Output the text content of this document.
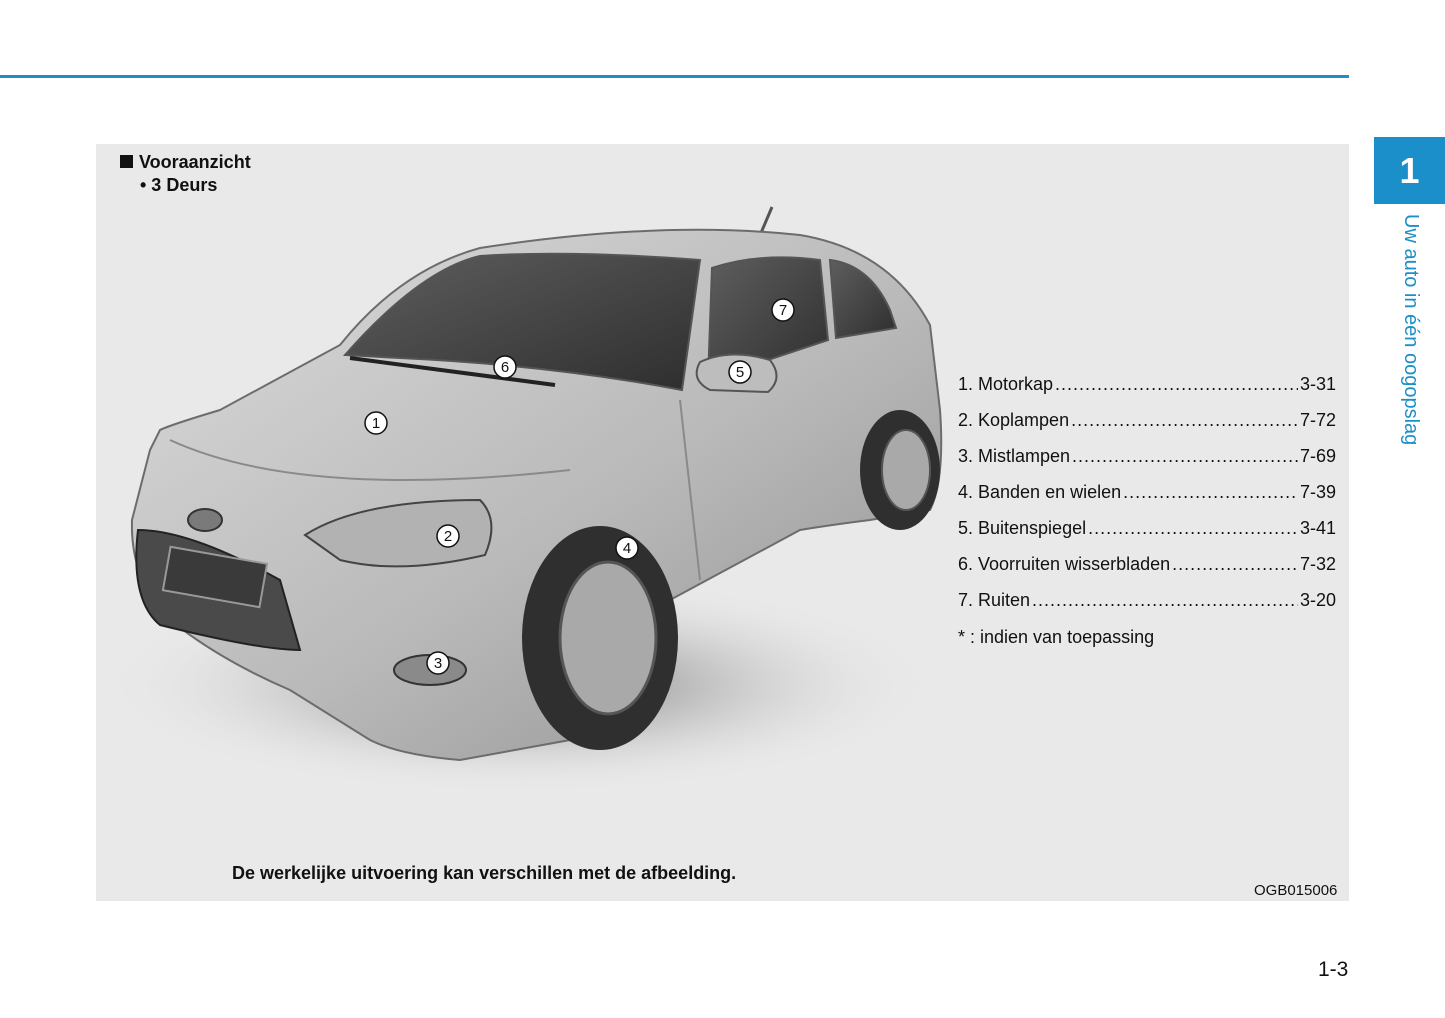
1
Uw auto in één oogopslag
Vooraanzicht
• 3 Deurs
1
2
3
4
5
6
7
1. Motorkap .....	3-31
2. Koplampen .....	7-72
3. Mistlampen .....	7-69
4. Banden en wielen .....	7-39
5. Buitenspiegel .....	3-41
6. Voorruiten wisserbladen .....	7-32
7. Ruiten .....	3-20
* : indien van toepassing
De werkelijke uitvoering kan verschillen met de afbeelding.
OGB015006
1-3
